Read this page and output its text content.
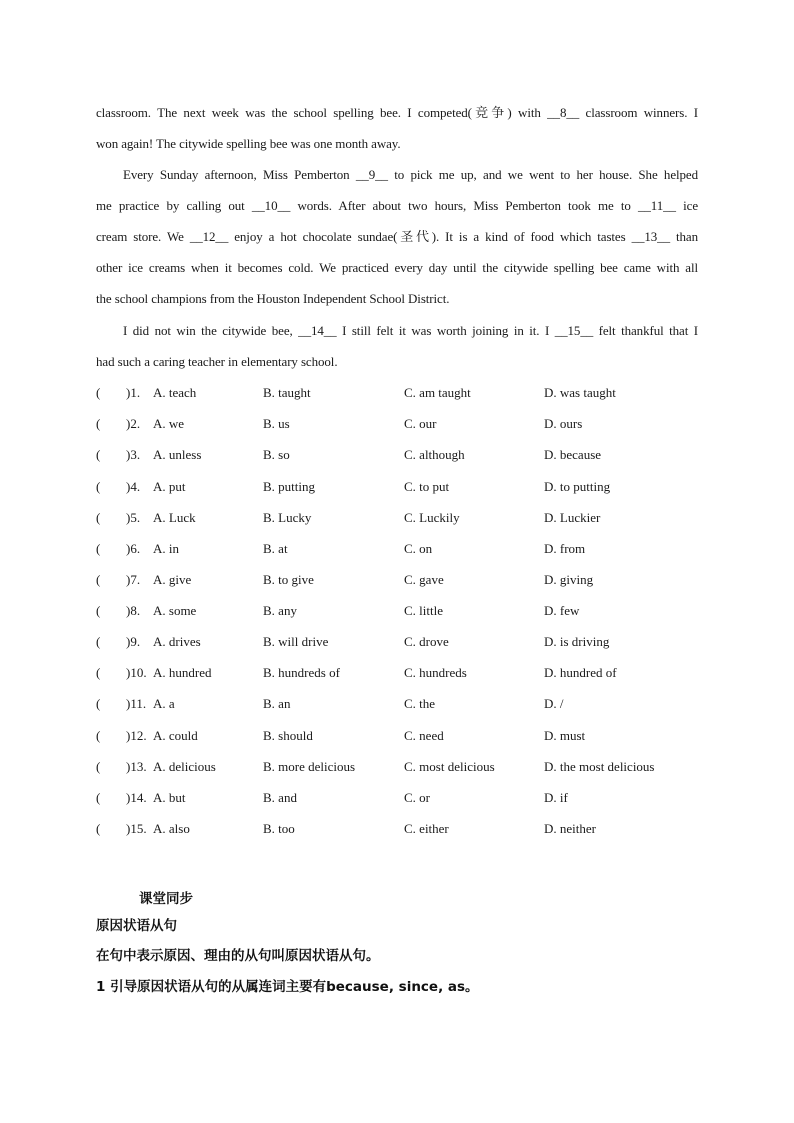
classroom. The next week was the school spelling bee. I competed(竞争) with __8__ classroom winners. I
won again! The citywide spelling bee was one month away.
Every Sunday afternoon, Miss Pemberton __9__ to pick me up, and we went to her house. She helped
me practice by calling out __10__ words. After about two hours, Miss Pemberton took me to __11__ ice
cream store. We __12__ enjoy a hot chocolate sundae(圣代). It is a kind of food which tastes __13__ than
other ice creams when it becomes cold. We practiced every day until the citywide spelling bee came with all
the school champions from the Houston Independent School District.
I did not win the citywide bee, __14__ I still felt it was worth joining in it. I __15__ felt thankful that I
had such a caring teacher in elementary school.
( )1. A. teach	B. taught	C. am taught	D. was taught
( )2. A. we	B. us	C. our	D. ours
( )3. A. unless	B. so	C. although	D. because
( )4. A. put	B. putting	C. to put	D. to putting
( )5. A. Luck	B. Lucky	C. Luckily	D. Luckier
( )6. A. in	B. at	C. on	D. from
( )7. A. give	B. to give	C. gave	D. giving
( )8. A. some	B. any	C. little	D. few
( )9. A. drives	B. will drive	C. drove	D. is driving
( )10. A. hundred	B. hundreds of	C. hundreds	D. hundred of
( )11. A. a	B. an	C. the	D. /
( )12. A. could	B. should	C. need	D. must
( )13. A. delicious	B. more delicious	C. most delicious	D. the most delicious
( )14. A. but	B. and	C. or	D. if
( )15. A. also	B. too	C. either	D. neither
课堂同步
原因状语从句
在句中表示原因、理由的从句叫原因状语从句。
1 引导原因状语从句的从属连词主要有because, since, as。
